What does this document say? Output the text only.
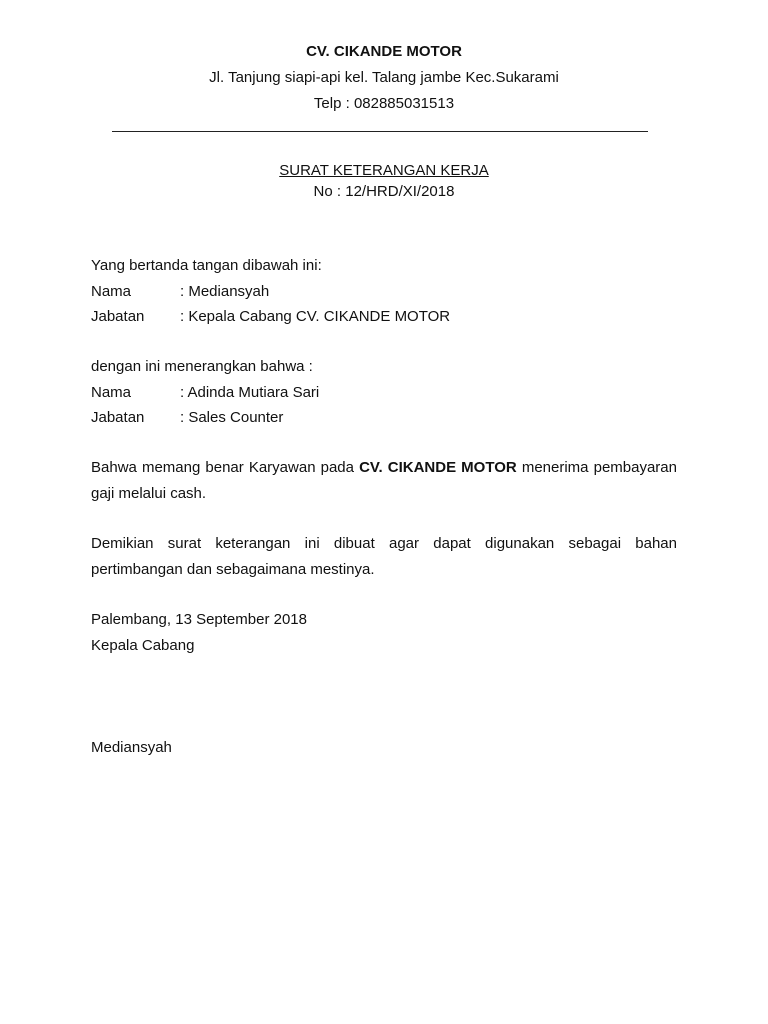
CV. CIKANDE MOTOR
Jl. Tanjung siapi-api kel. Talang jambe Kec.Sukarami
Telp : 082885031513
SURAT KETERANGAN KERJA
No : 12/HRD/XI/2018
Yang bertanda tangan dibawah ini:
Nama	: Mediansyah
Jabatan : Kepala Cabang CV. CIKANDE MOTOR
dengan ini menerangkan bahwa :
Nama	: Adinda Mutiara Sari
Jabatan : Sales Counter
Bahwa memang benar Karyawan pada CV. CIKANDE MOTOR menerima pembayaran gaji melalui cash.
Demikian surat keterangan ini dibuat agar dapat digunakan sebagai bahan pertimbangan dan sebagaimana mestinya.
Palembang, 13 September 2018
Kepala Cabang
Mediansyah
